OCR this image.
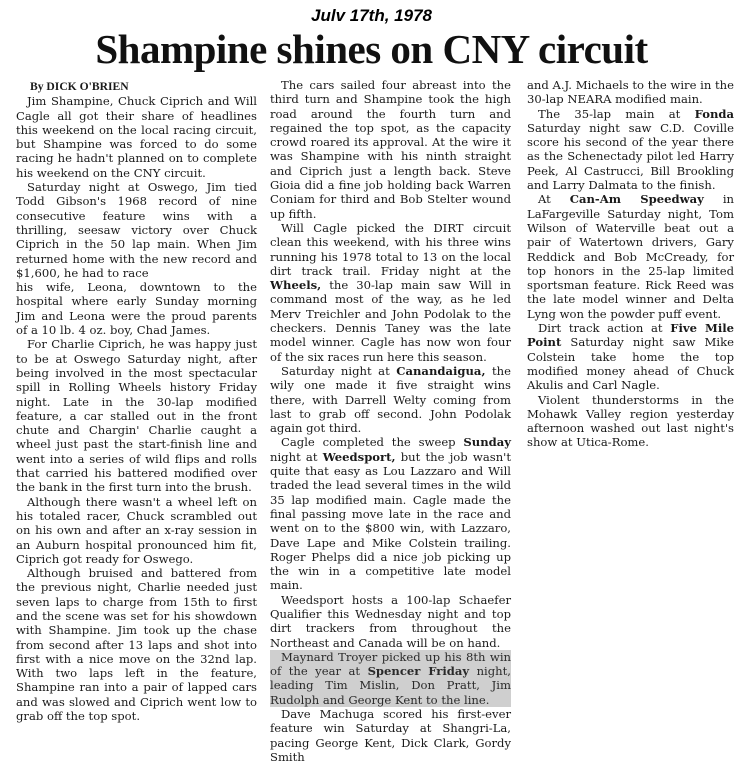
Julv 17th, 1978
Shampine shines on CNY circuit
By DICK O'BRIEN

Jim Shampine, Chuck Ciprich and Will Cagle all got their share of headlines this weekend on the local racing circuit, but Shampine was forced to do some racing he hadn't planned on to complete his weekend on the CNY circuit.

Saturday night at Oswego, Jim tied Todd Gibson's 1968 record of nine consecutive feature wins with a thrilling, seesaw victory over Chuck Ciprich in the 50 lap main. When Jim returned home with the new record and $1,600, he had to race

his wife, Leona, downtown to the hospital where early Sunday morning Jim and Leona were the proud parents of a 10 lb. 4 oz. boy, Chad James.

For Charlie Ciprich, he was happy just to be at Oswego Saturday night, after being involved in the most spectacular spill in Rolling Wheels history Friday night. Late in the 30-lap modified feature, a car stalled out in the front chute and Chargin' Charlie caught a wheel just past the start-finish line and went into a series of wild flips and rolls that carried his battered modified over the bank in the first turn into the brush.

Although there wasn't a wheel left on his totaled racer, Chuck scrambled out on his own and after an x-ray session in an Auburn hospital pronounced him fit, Ciprich got ready for Oswego.

Although bruised and battered from the previous night, Charlie needed just seven laps to charge from 15th to first and the scene was set for his showdown with Shampine. Jim took up the chase from second after 13 laps and shot into first with a nice move on the 32nd lap. With two laps left in the feature, Shampine ran into a pair of lapped cars and was slowed and Ciprich went low to grab off the top spot.

The cars sailed four abreast into the third turn and Shampine took the high road around the fourth turn and regained the top spot, as the capacity crowd roared its approval. At the wire it was Shampine with his ninth straight and Ciprich just a length back. Steve Gioia did a fine job holding back Warren Coniam for third and Bob Stelter wound up fifth.

Will Cagle picked the DIRT circuit clean this weekend, with his three wins running his 1978 total to 13 on the local dirt track trail. Friday night at the Wheels, the 30-lap main saw Will in command most of the way, as he led Merv Treichler and John Podolak to the checkers. Dennis Taney was the late model winner. Cagle has now won four of the six races run here this season.

Saturday night at Canandaigua, the wily one made it five straight wins there, with Darrell Welty coming from last to grab off second. John Podolak again got third.

Cagle completed the sweep Sunday night at Weedsport, but the job wasn't quite that easy as Lou Lazzaro and Will traded the lead several times in the wild 35 lap modified main. Cagle made the final passing move late in the race and went on to the $800 win, with Lazzaro, Dave Lape and Mike Colstein trailing. Roger Phelps did a nice job picking up the win in a competitive late model main.

Weedsport hosts a 100-lap Schaefer Qualifier this Wednesday night and top dirt trackers from throughout the Northeast and Canada will be on hand.

Maynard Troyer picked up his 8th win of the year at Spencer Friday night, leading Tim Mislin, Don Pratt, Jim Rudolph and George Kent to the line.

Dave Machuga scored his first-ever feature win Saturday at Shangri-La, pacing George Kent, Dick Clark, Gordy Smith

and A.J. Michaels to the wire in the 30-lap NEARA modified main.

The 35-lap main at Fonda Saturday night saw C.D. Coville score his second of the year there as the Schenectady pilot led Harry Peek, Al Castrucci, Bill Brookling and Larry Dalmata to the finish.

At Can-Am Speedway in LaFargeville Saturday night, Tom Wilson of Waterville beat out a pair of Watertown drivers, Gary Reddick and Bob McCready, for top honors in the 25-lap limited sportsman feature. Rick Reed was the late model winner and Delta Lyng won the powder puff event.

Dirt track action at Five Mile Point Saturday night saw Mike Colstein take home the top modified money ahead of Chuck Akulis and Carl Nagle.

Violent thunderstorms in the Mohawk Valley region yesterday afternoon washed out last night's show at Utica-Rome.
